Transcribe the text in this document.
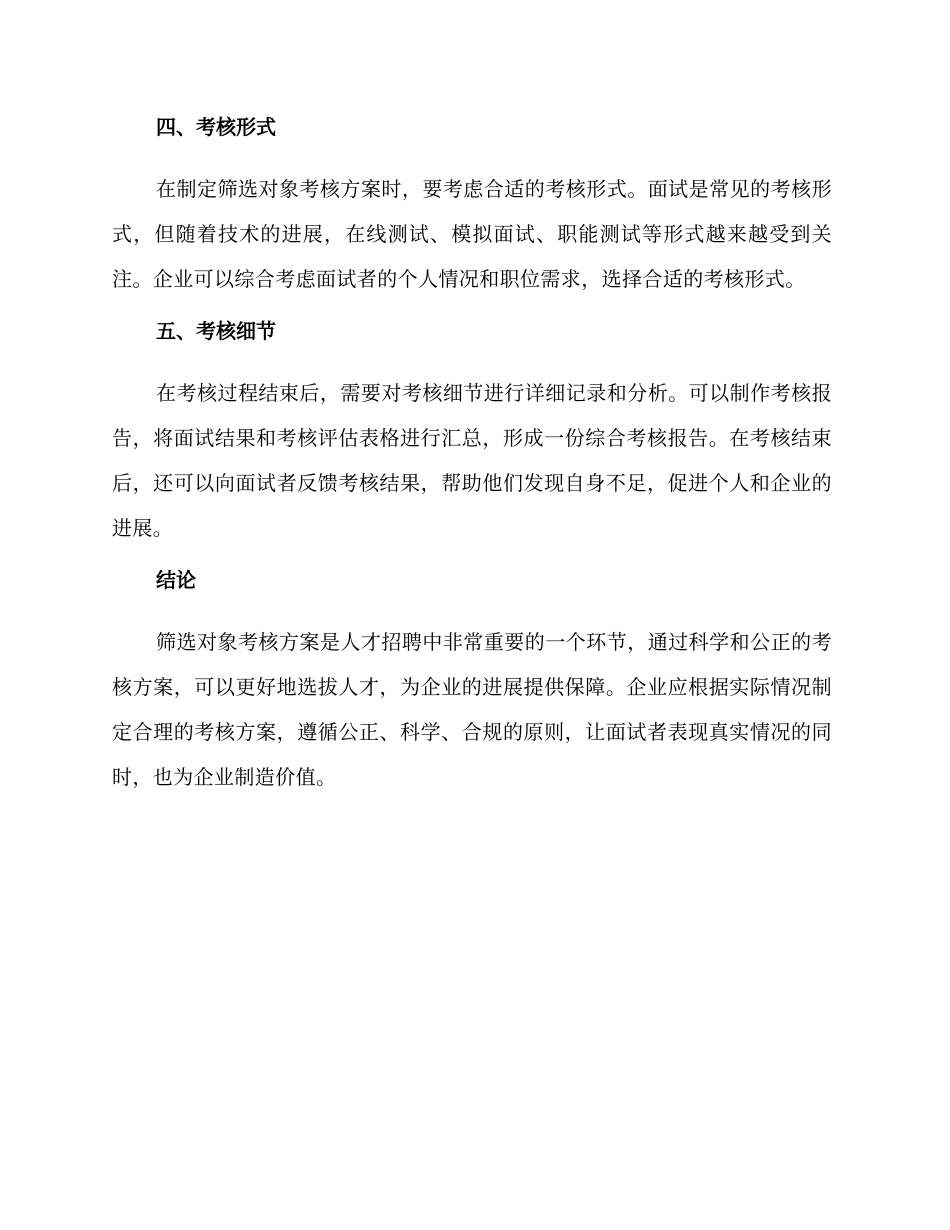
四、考核形式

在制定筛选对象考核方案时，要考虑合适的考核形式。面试是常见的考核形式，但随着技术的进展，在线测试、模拟面试、职能测试等形式越来越受到关注。企业可以综合考虑面试者的个人情况和职位需求，选择合适的考核形式。

五、考核细节

在考核过程结束后，需要对考核细节进行详细记录和分析。可以制作考核报告，将面试结果和考核评估表格进行汇总，形成一份综合考核报告。在考核结束后，还可以向面试者反馈考核结果，帮助他们发现自身不足，促进个人和企业的进展。

结论

筛选对象考核方案是人才招聘中非常重要的一个环节，通过科学和公正的考核方案，可以更好地选拔人才，为企业的进展提供保障。企业应根据实际情况制定合理的考核方案，遵循公正、科学、合规的原则，让面试者表现真实情况的同时，也为企业制造价值。
